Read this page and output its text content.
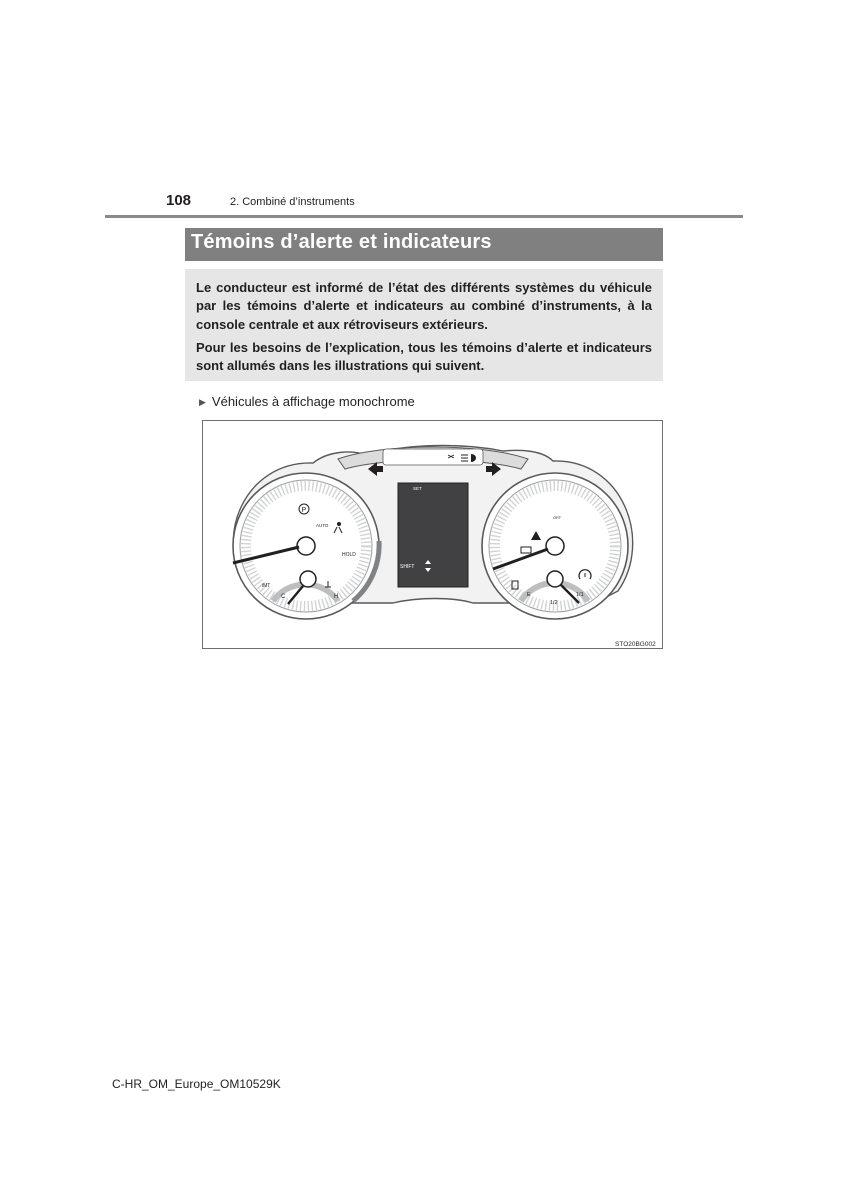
108	2. Combiné d’instruments
Témoins d’alerte et indicateurs

Le conducteur est informé de l’état des différents systèmes du véhicule par les témoins d’alerte et indicateurs au combiné d’instruments, à la console centrale et aux rétroviseurs extérieurs.

Pour les besoins de l’explication, tous les témoins d’alerte et indicateurs sont allumés dans les illustrations qui suivent.

▶ Véhicules à affichage monochrome
P
AUTO
HOLD
iMT
C	H
SET
SHIFT
OFF
E
1/2
1/1
STO20BG002
C-HR_OM_Europe_OM10529K
